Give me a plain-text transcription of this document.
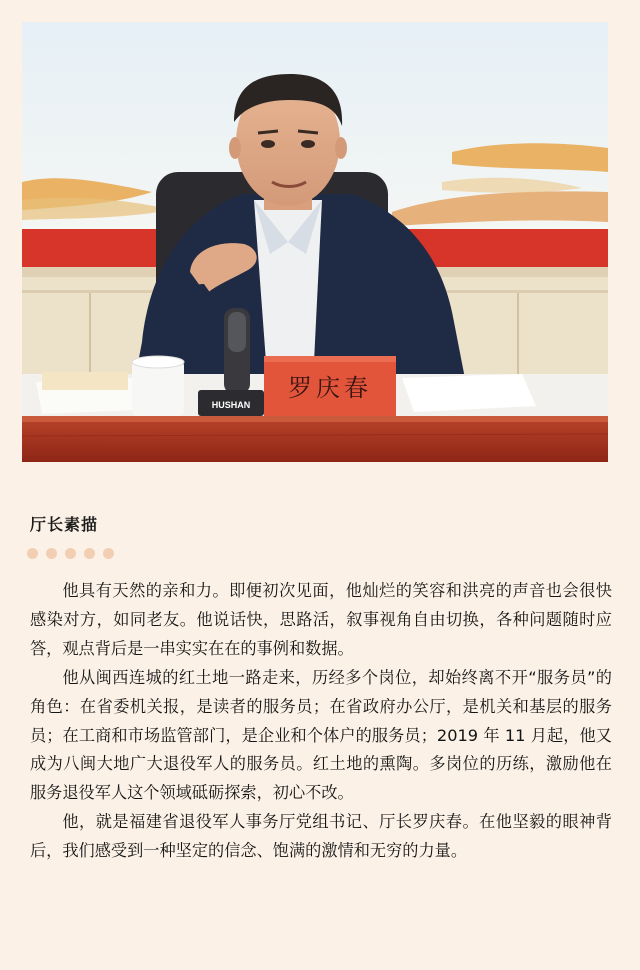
HUSHAN
罗庆春
厅长素描

他具有天然的亲和力。即便初次见面，他灿烂的笑容和洪亮的声音也会很快感染对方，如同老友。他说话快，思路活，叙事视角自由切换，各种问题随时应答，观点背后是一串实实在在的事例和数据。

他从闽西连城的红土地一路走来，历经多个岗位，却始终离不开“服务员”的角色：在省委机关报，是读者的服务员；在省政府办公厅，是机关和基层的服务员；在工商和市场监管部门，是企业和个体户的服务员；2019 年 11 月起，他又成为八闽大地广大退役军人的服务员。红土地的熏陶。多岗位的历练，激励他在服务退役军人这个领域砥砺探索，初心不改。

他，就是福建省退役军人事务厅党组书记、厅长罗庆春。在他坚毅的眼神背后，我们感受到一种坚定的信念、饱满的激情和无穷的力量。
